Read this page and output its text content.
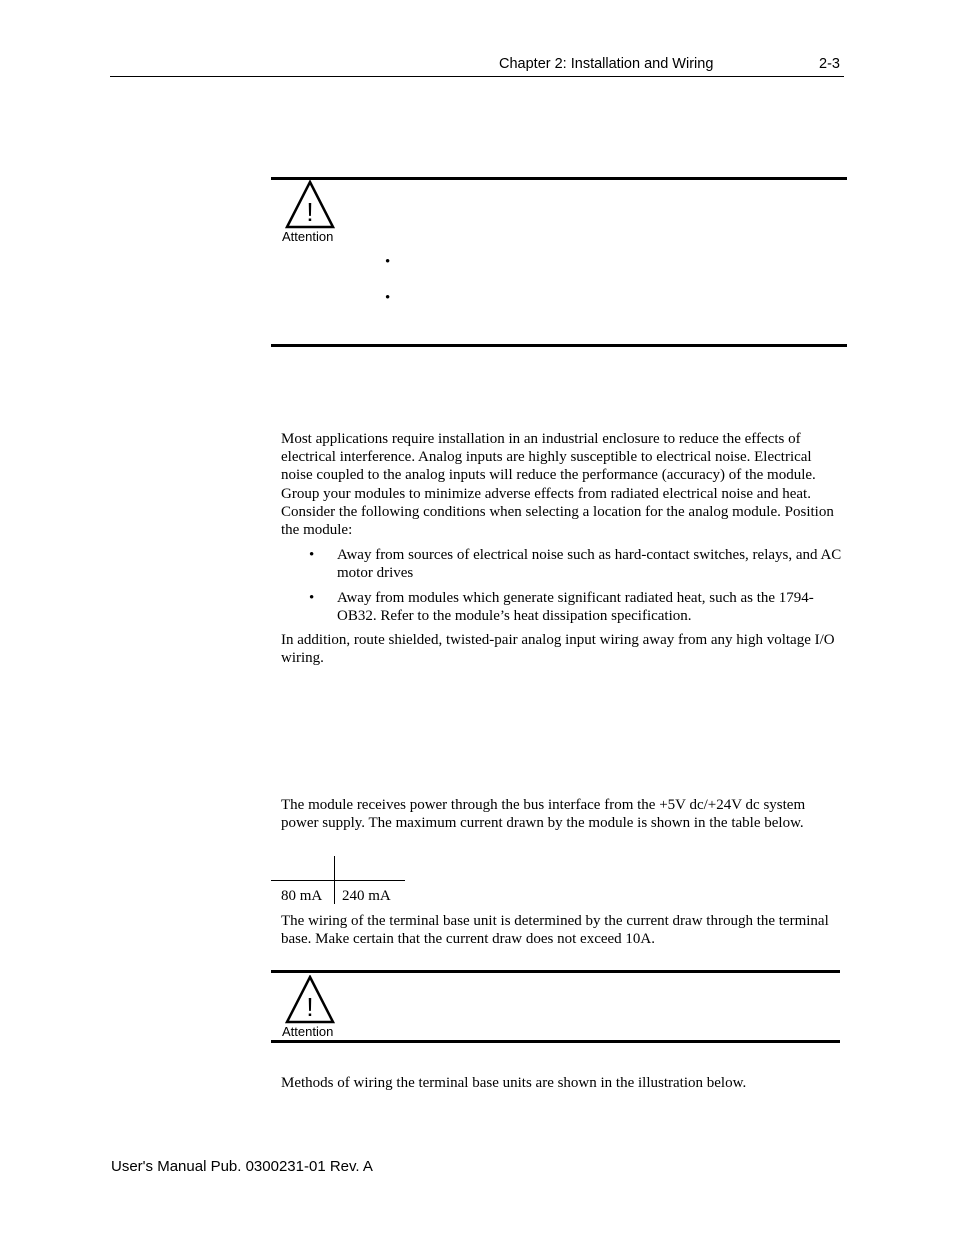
Chapter 2: Installation and Wiring	2-3
!
Attention
•
•
Most applications require installation in an industrial enclosure to reduce the effects of electrical interference. Analog inputs are highly susceptible to electrical noise. Electrical noise coupled to the analog inputs will reduce the performance (accuracy) of the module. Group your modules to minimize adverse effects from radiated electrical noise and heat. Consider the following conditions when selecting a location for the analog module. Position the module:
• Away from sources of electrical noise such as hard-contact switches, relays, and AC motor drives
• Away from modules which generate significant radiated heat, such as the 1794-OB32. Refer to the module’s heat dissipation specification.
In addition, route shielded, twisted-pair analog input wiring away from any high voltage I/O wiring.
The module receives power through the bus interface from the +5V dc/+24V dc system power supply. The maximum current drawn by the module is shown in the table below.
80 mA 240 mA
The wiring of the terminal base unit is determined by the current draw through the terminal base. Make certain that the current draw does not exceed 10A.
!
Attention
Methods of wiring the terminal base units are shown in the illustration below.
User's Manual Pub. 0300231-01 Rev. A
